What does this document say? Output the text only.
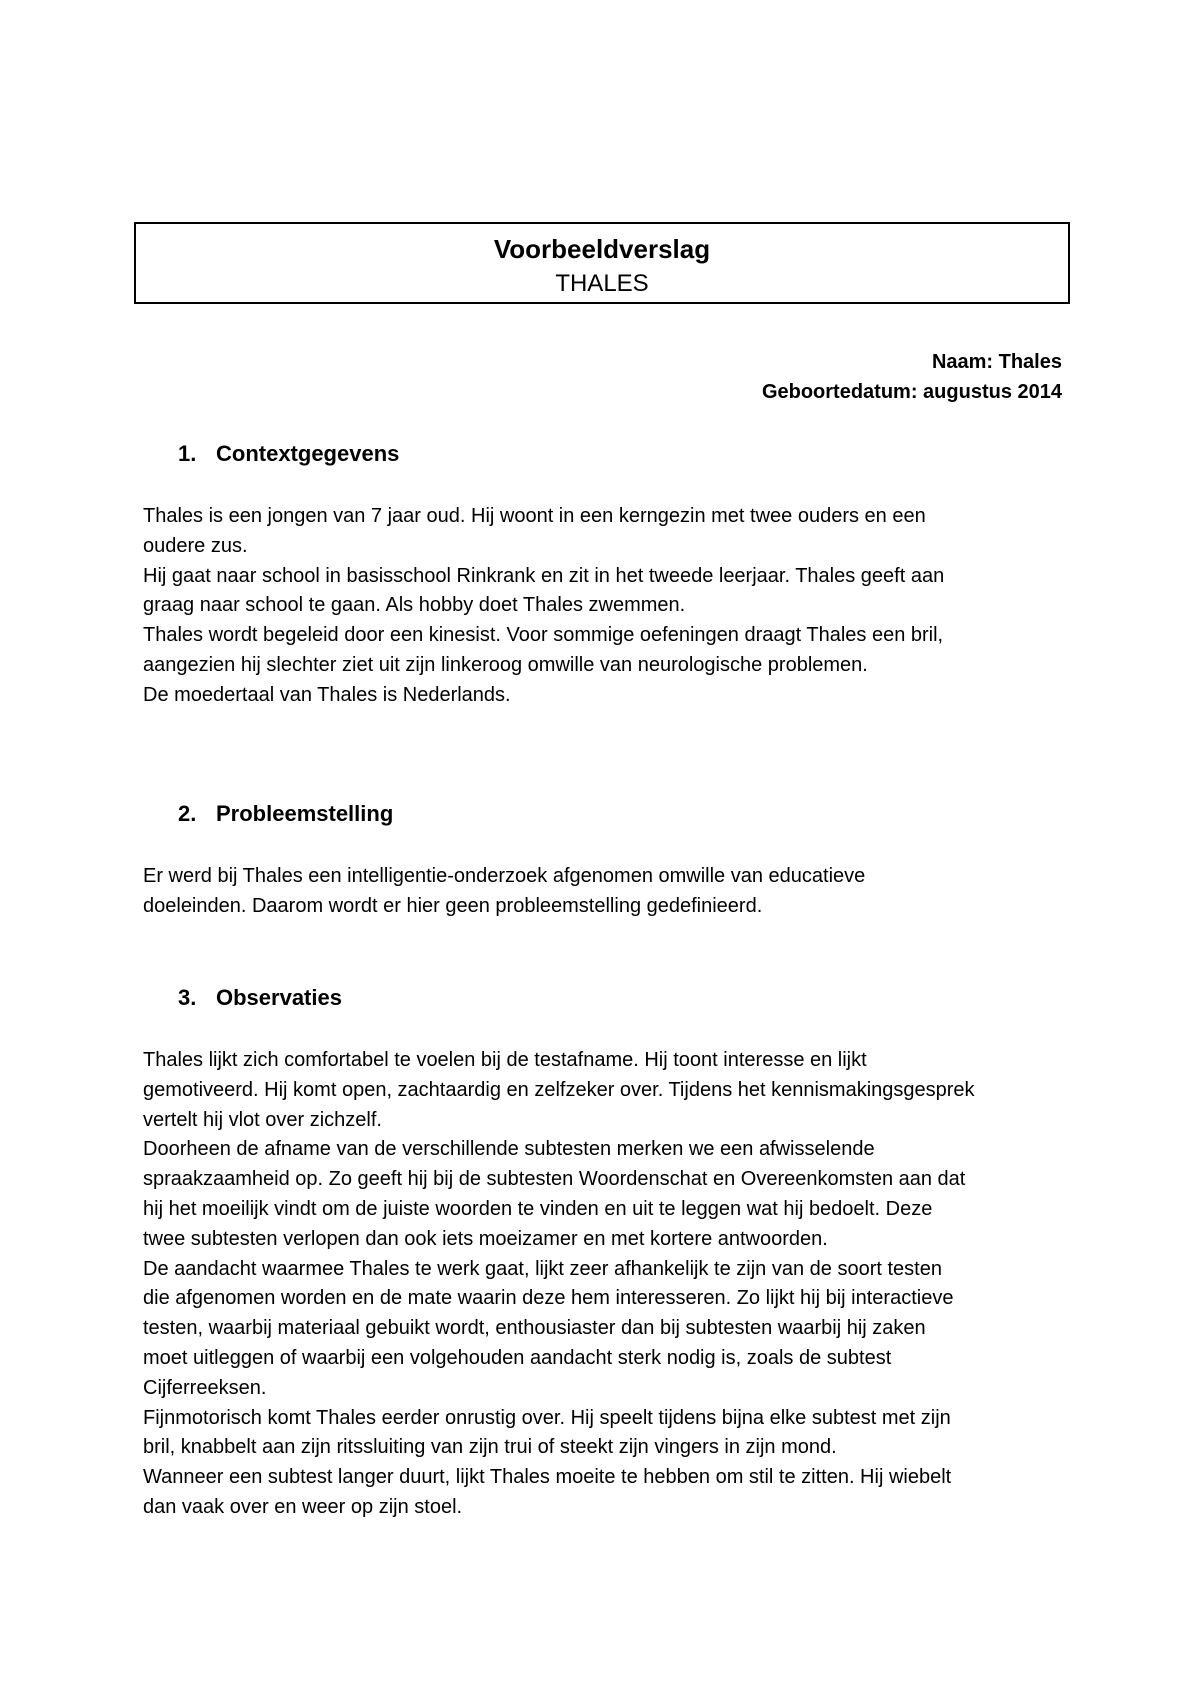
Voorbeeldverslag
THALES
Naam: Thales
Geboortedatum: augustus 2014
1. Contextgegevens
Thales is een jongen van 7 jaar oud. Hij woont in een kerngezin met twee ouders en een
oudere zus.
Hij gaat naar school in basisschool Rinkrank en zit in het tweede leerjaar. Thales geeft aan
graag naar school te gaan. Als hobby doet Thales zwemmen.
Thales wordt begeleid door een kinesist. Voor sommige oefeningen draagt Thales een bril,
aangezien hij slechter ziet uit zijn linkeroog omwille van neurologische problemen.
De moedertaal van Thales is Nederlands.
2. Probleemstelling
Er werd bij Thales een intelligentie-onderzoek afgenomen omwille van educatieve
doeleinden. Daarom wordt er hier geen probleemstelling gedefinieerd.
3. Observaties
Thales lijkt zich comfortabel te voelen bij de testafname. Hij toont interesse en lijkt
gemotiveerd. Hij komt open, zachtaardig en zelfzeker over. Tijdens het kennismakingsgesprek
vertelt hij vlot over zichzelf.
Doorheen de afname van de verschillende subtesten merken we een afwisselende
spraakzaamheid op. Zo geeft hij bij de subtesten Woordenschat en Overeenkomsten aan dat
hij het moeilijk vindt om de juiste woorden te vinden en uit te leggen wat hij bedoelt. Deze
twee subtesten verlopen dan ook iets moeizamer en met kortere antwoorden.
De aandacht waarmee Thales te werk gaat, lijkt zeer afhankelijk te zijn van de soort testen
die afgenomen worden en de mate waarin deze hem interesseren. Zo lijkt hij bij interactieve
testen, waarbij materiaal gebuikt wordt, enthousiaster dan bij subtesten waarbij hij zaken
moet uitleggen of waarbij een volgehouden aandacht sterk nodig is, zoals de subtest
Cijferreeksen.
Fijnmotorisch komt Thales eerder onrustig over. Hij speelt tijdens bijna elke subtest met zijn
bril, knabbelt aan zijn ritssluiting van zijn trui of steekt zijn vingers in zijn mond.
Wanneer een subtest langer duurt, lijkt Thales moeite te hebben om stil te zitten. Hij wiebelt
dan vaak over en weer op zijn stoel.
